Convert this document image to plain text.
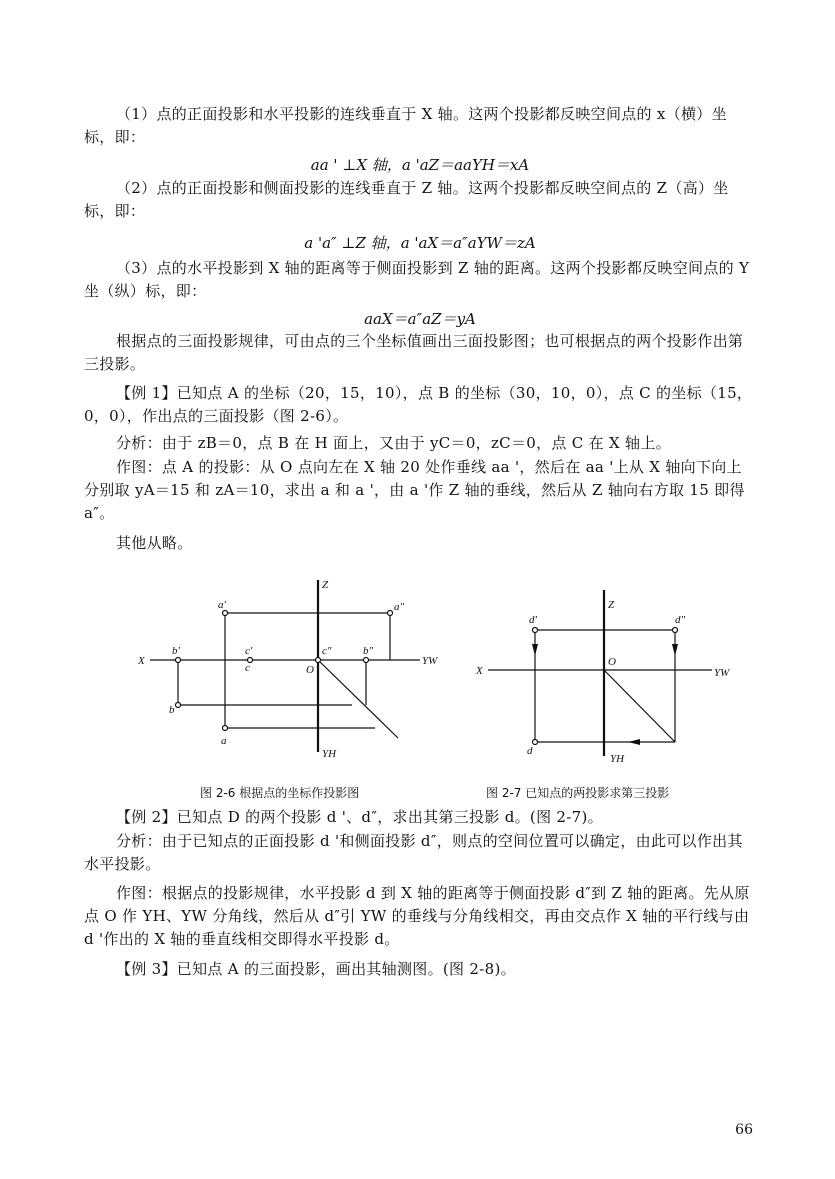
（1）点的正面投影和水平投影的连线垂直于 X 轴。这两个投影都反映空间点的 x（横）坐标，即：
aa ' ⊥X 轴，a 'aZ＝aaYH＝xA
（2）点的正面投影和侧面投影的连线垂直于 Z 轴。这两个投影都反映空间点的 Z（高）坐标，即：
a 'a″ ⊥Z 轴，a 'aX＝a″aYW＝zA
（3）点的水平投影到 X 轴的距离等于侧面投影到 Z 轴的距离。这两个投影都反映空间点的 Y 坐（纵）标，即：
aaX＝a″aZ＝yA
根据点的三面投影规律，可由点的三个坐标值画出三面投影图；也可根据点的两个投影作出第三投影。
【例 1】已知点 A 的坐标（20，15，10），点 B 的坐标（30，10，0），点 C 的坐标（15，0，0），作出点的三面投影（图 2-6）。
分析：由于 zB＝0，点 B 在 H 面上，又由于 yC＝0，zC＝0，点 C 在 X 轴上。
作图：点 A 的投影：从 O 点向左在 X 轴 20 处作垂线 aa '，然后在 aa '上从 X 轴向下向上分别取 yA＝15 和 zA＝10，求出 a 和 a '，由 a '作 Z 轴的垂线，然后从 Z 轴向右方取 15 即得 a″。
其他从略。
Z
X	YW
YH
O
a'	a″
a
b'	b″
b
c'
c
c″
Z
X	YW
YH
O
d'	d″
d
图 2-6 根据点的坐标作投影图	图 2-7 已知点的两投影求第三投影
【例 2】已知点 D 的两个投影 d '、d″，求出其第三投影 d。(图 2-7)。
分析：由于已知点的正面投影 d '和侧面投影 d″，则点的空间位置可以确定，由此可以作出其水平投影。
作图：根据点的投影规律，水平投影 d 到 X 轴的距离等于侧面投影 d″到 Z 轴的距离。先从原点 O 作 YH、YW 分角线，然后从 d″引 YW 的垂线与分角线相交，再由交点作 X 轴的平行线与由 d '作出的 X 轴的垂直线相交即得水平投影 d。
【例 3】已知点 A 的三面投影，画出其轴测图。(图 2-8)。
66
